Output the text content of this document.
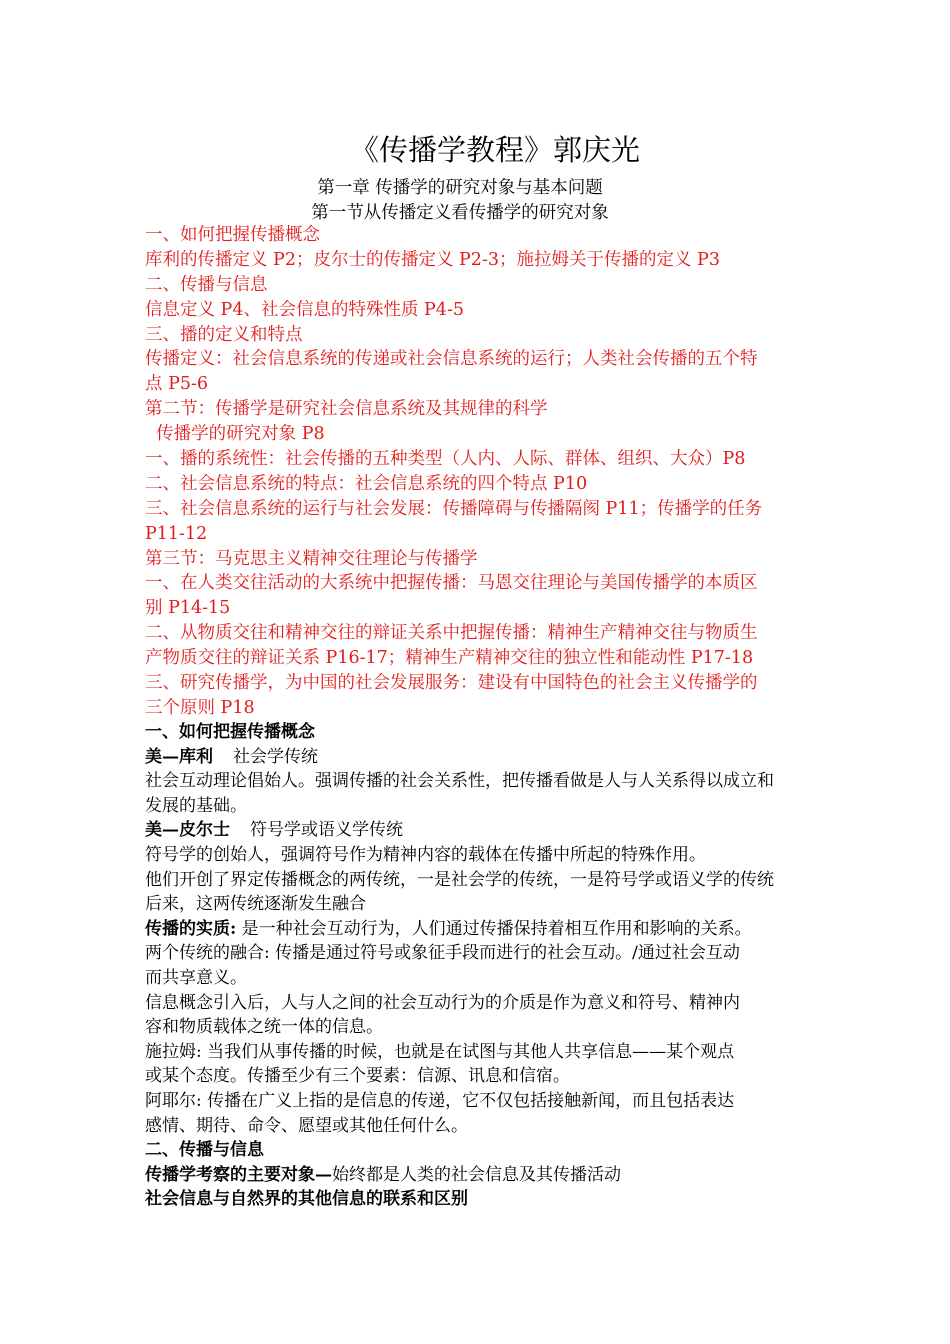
《传播学教程》郭庆光
第一章 传播学的研究对象与基本问题
第一节从传播定义看传播学的研究对象
一、如何把握传播概念
库利的传播定义 P2；皮尔士的传播定义 P2-3；施拉姆关于传播的定义 P3
二、传播与信息
信息定义 P4、社会信息的特殊性质 P4-5
三、播的定义和特点
传播定义：社会信息系统的传递或社会信息系统的运行；人类社会传播的五个特
点 P5-6
第二节：传播学是研究社会信息系统及其规律的科学
传播学的研究对象 P8
一、播的系统性：社会传播的五种类型（人内、人际、群体、组织、大众）P8
二、社会信息系统的特点：社会信息系统的四个特点 P10
三、社会信息系统的运行与社会发展：传播障碍与传播隔阂 P11；传播学的任务
P11-12
第三节：马克思主义精神交往理论与传播学
一、在人类交往活动的大系统中把握传播：马恩交往理论与美国传播学的本质区
别 P14-15
二、从物质交往和精神交往的辩证关系中把握传播：精神生产精神交往与物质生
产物质交往的辩证关系 P16-17；精神生产精神交往的独立性和能动性 P17-18
三、研究传播学，为中国的社会发展服务：建设有中国特色的社会主义传播学的
三个原则 P18
一、如何把握传播概念
美—库利 社会学传统
社会互动理论倡始人。强调传播的社会关系性，把传播看做是人与人关系得以成立和
发展的基础。
美—皮尔士 符号学或语义学传统
符号学的创始人，强调符号作为精神内容的载体在传播中所起的特殊作用。
他们开创了界定传播概念的两传统，一是社会学的传统，一是符号学或语义学的传统
后来，这两传统逐渐发生融合
传播的实质: 是一种社会互动行为，人们通过传播保持着相互作用和影响的关系。
两个传统的融合: 传播是通过符号或象征手段而进行的社会互动。/通过社会互动
而共享意义。
信息概念引入后，人与人之间的社会互动行为的介质是作为意义和符号、精神内
容和物质载体之统一体的信息。
施拉姆: 当我们从事传播的时候，也就是在试图与其他人共享信息——某个观点
或某个态度。传播至少有三个要素：信源、讯息和信宿。
阿耶尔: 传播在广义上指的是信息的传递，它不仅包括接触新闻，而且包括表达
感情、期待、命令、愿望或其他任何什么。
二、传播与信息
传播学考察的主要对象—始终都是人类的社会信息及其传播活动
社会信息与自然界的其他信息的联系和区别
